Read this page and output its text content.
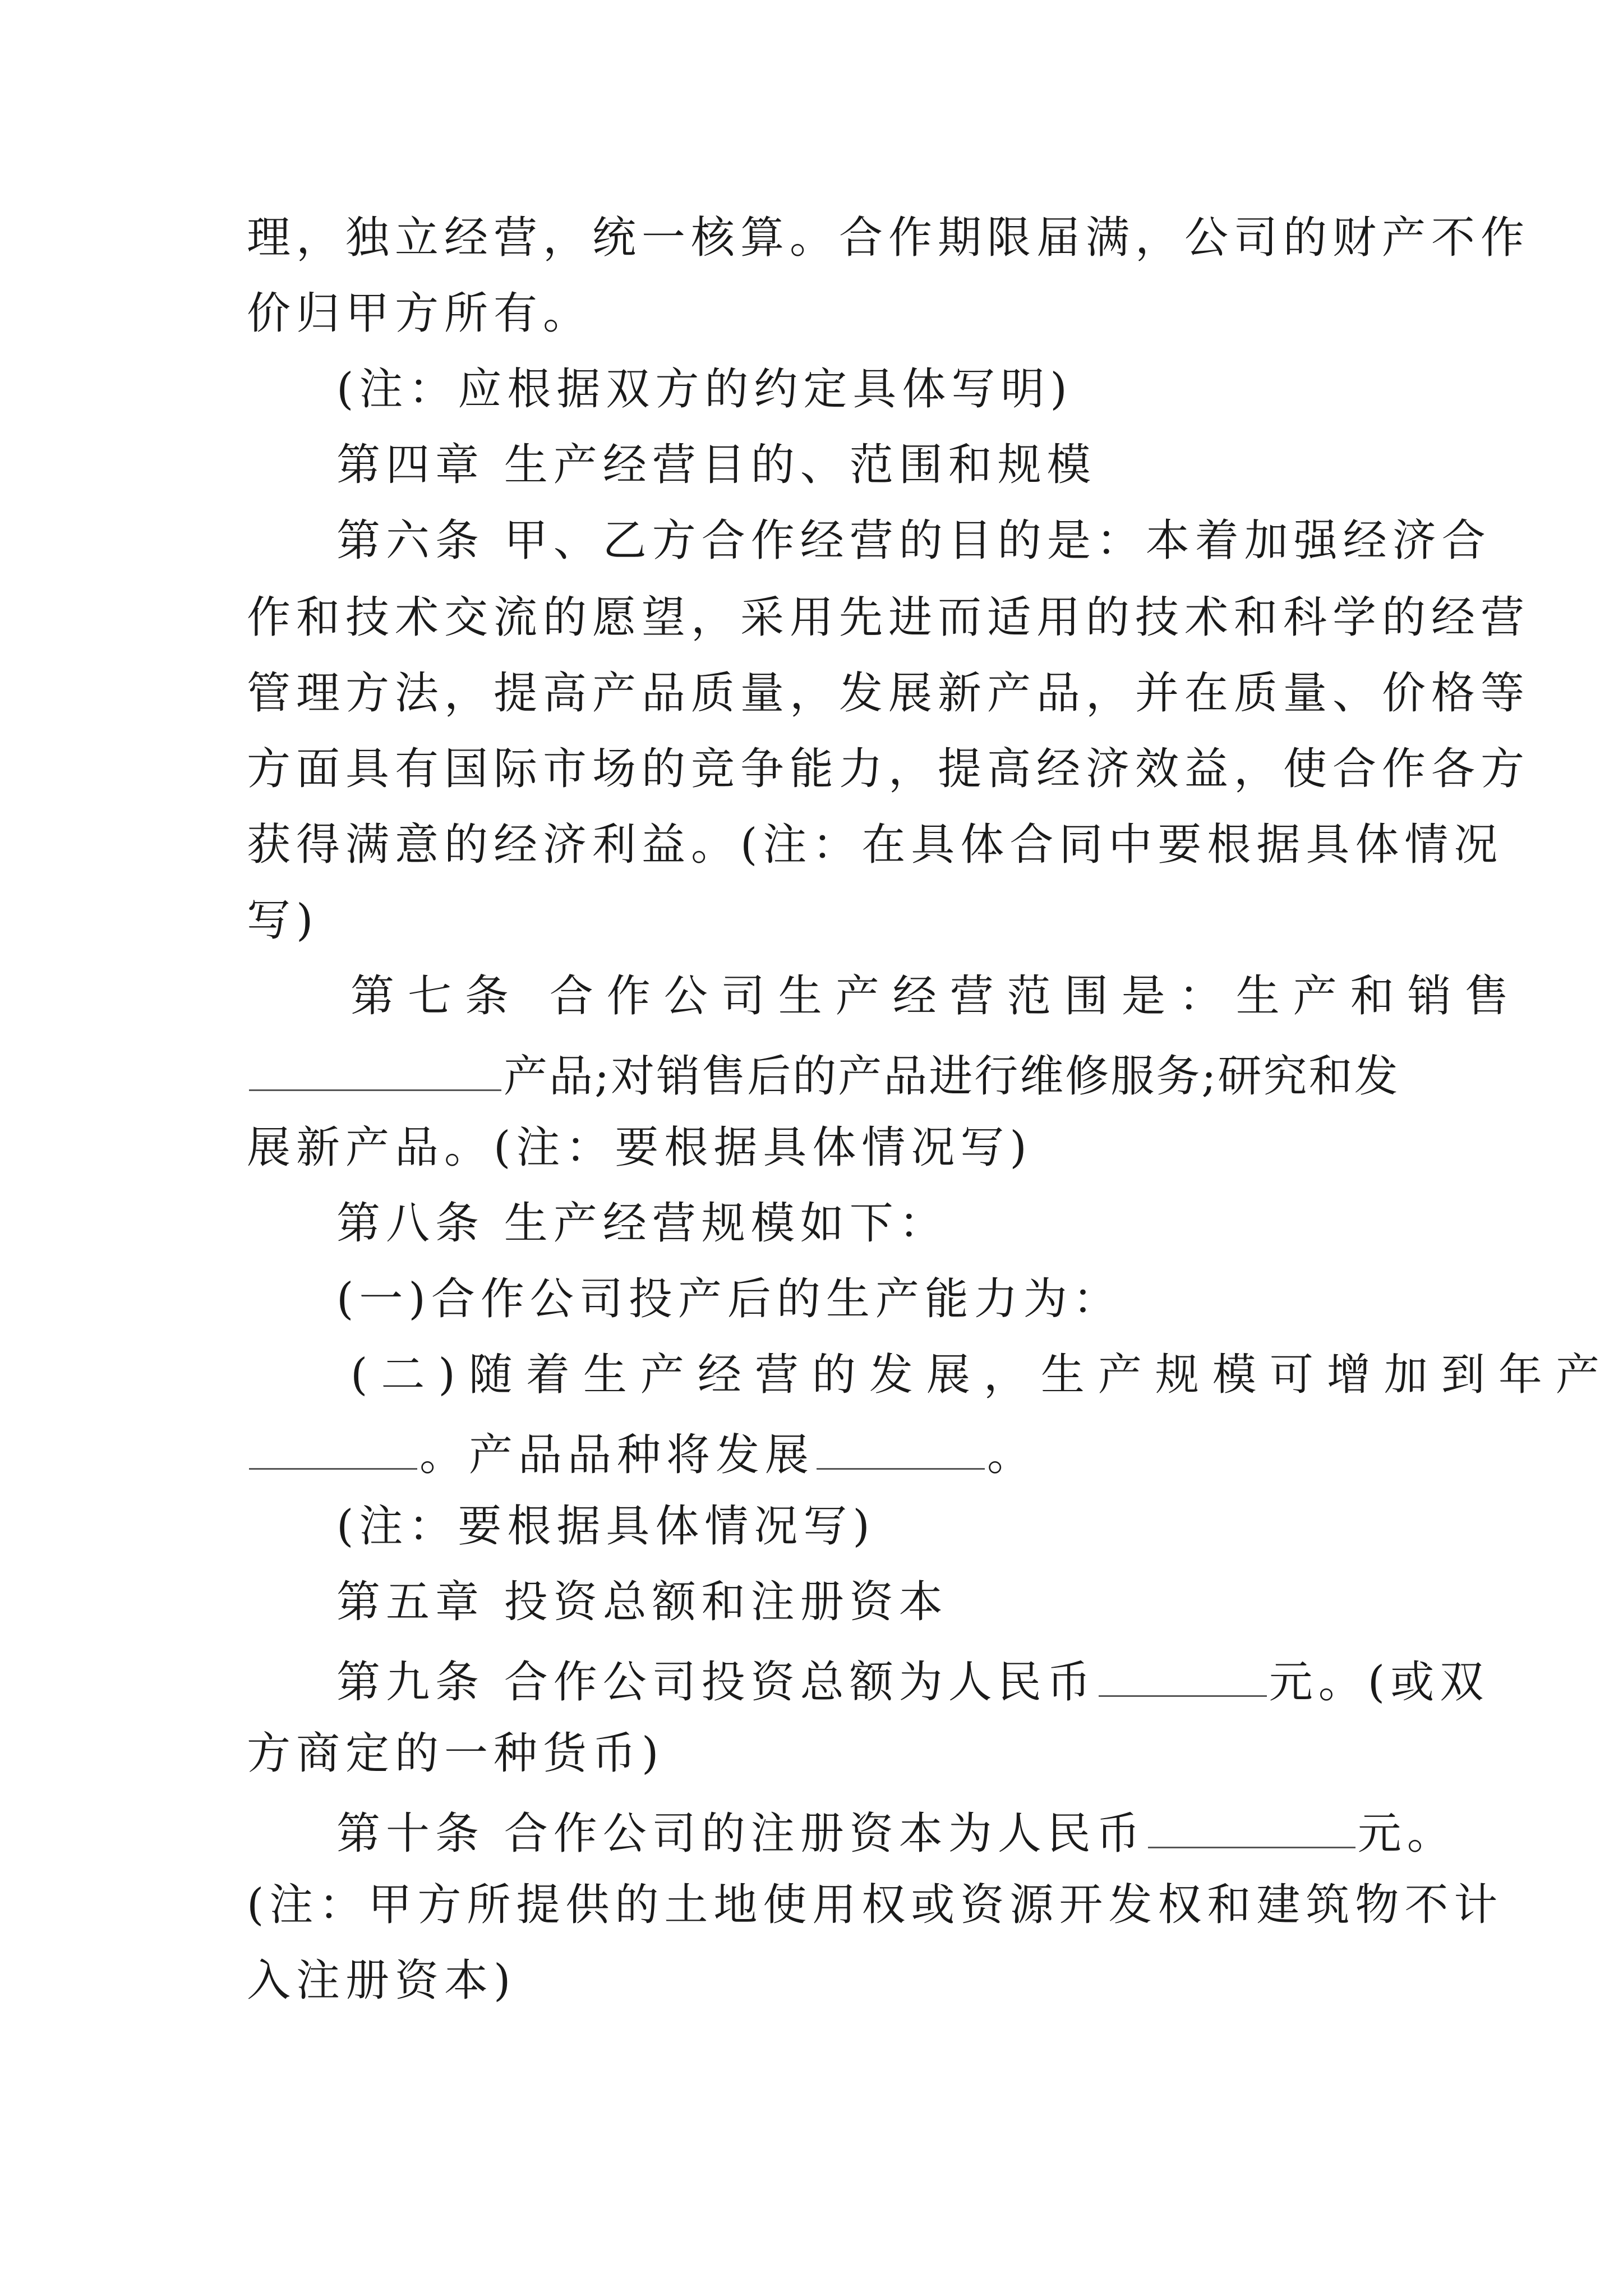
理，独立经营，统一核算。合作期限届满，公司的财产不作
价归甲方所有。
(注：应根据双方的约定具体写明)
第四章 生产经营目的、范围和规模
第六条 甲、乙方合作经营的目的是：本着加强经济合
作和技术交流的愿望，采用先进而适用的技术和科学的经营
管理方法，提高产品质量，发展新产品，并在质量、价格等
方面具有国际市场的竞争能力，提高经济效益，使合作各方
获得满意的经济利益。(注：在具体合同中要根据具体情况
写)
第七条 合作公司生产经营范围是：生产和销售
产品;对销售后的产品进行维修服务;研究和发
展新产品。(注：要根据具体情况写)
第八条 生产经营规模如下：
(一)合作公司投产后的生产能力为：
(二)随着生产经营的发展，生产规模可增加到年产
。产品品种将发展	。
(注：要根据具体情况写)
第五章 投资总额和注册资本
第九条 合作公司投资总额为人民币	元。(或双
方商定的一种货币)
第十条 合作公司的注册资本为人民币	元。
(注：甲方所提供的土地使用权或资源开发权和建筑物不计
入注册资本)
